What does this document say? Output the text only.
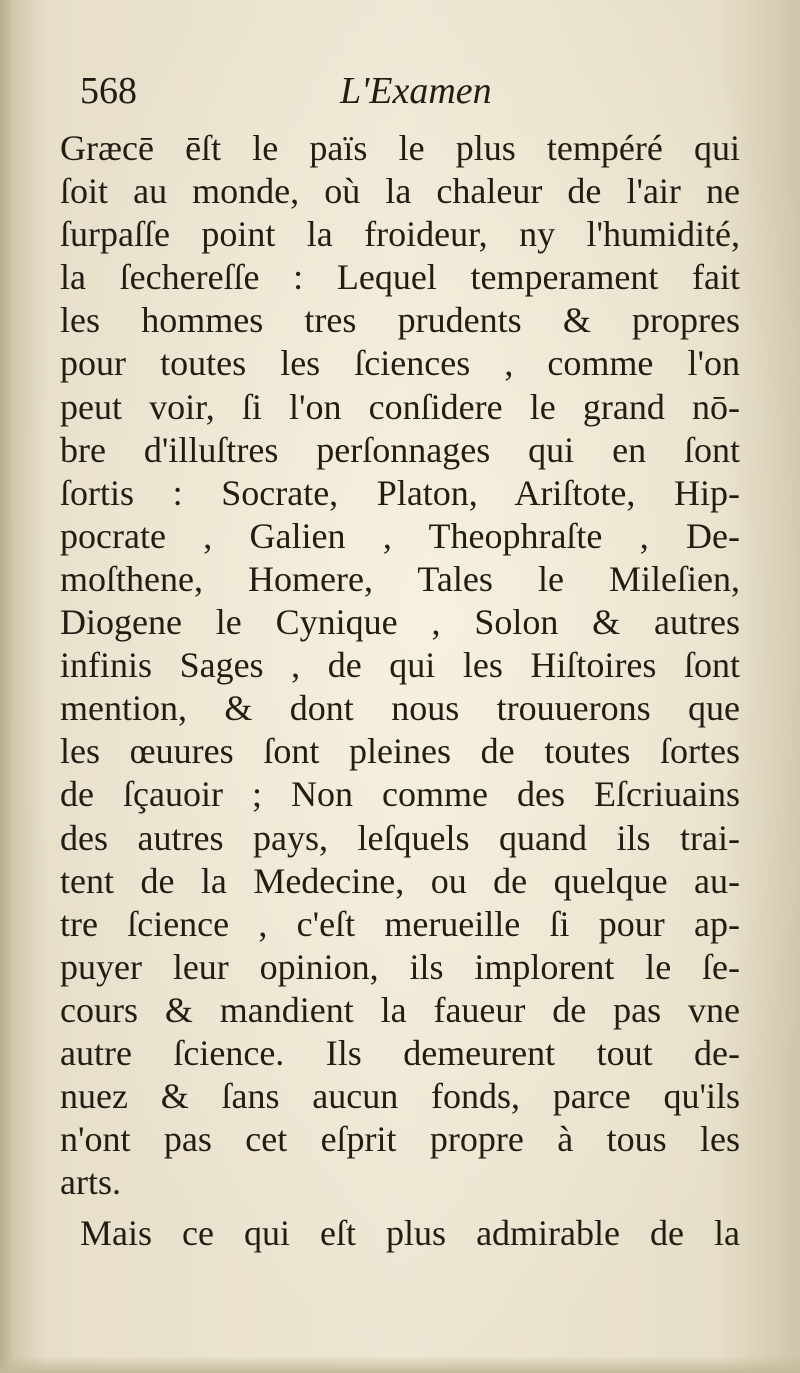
568	L'Examen
Græcē ēſt le païs le plus tempéré qui
ſoit au monde, où la chaleur de l'air ne
ſurpaſſe point la froideur, ny l'humidité,
la ſechereſſe : Lequel temperament fait
les hommes tres prudents & propres
pour toutes les ſciences , comme l'on
peut voir, ſi l'on conſidere le grand nō-
bre d'illuſtres perſonnages qui en ſont
ſortis : Socrate, Platon, Ariſtote, Hip-
pocrate , Galien , Theophraſte , De-
moſthene, Homere, Tales le Mileſien,
Diogene le Cynique , Solon & autres
infinis Sages , de qui les Hiſtoires ſont
mention, & dont nous trouuerons que
les œuures ſont pleines de toutes ſortes
de ſçauoir ; Non comme des Eſcriuains
des autres pays, leſquels quand ils trai-
tent de la Medecine, ou de quelque au-
tre ſcience , c'eſt merueille ſi pour ap-
puyer leur opinion, ils implorent le ſe-
cours & mandient la faueur de pas vne
autre ſcience. Ils demeurent tout de-
nuez & ſans aucun fonds, parce qu'ils
n'ont pas cet eſprit propre à tous les
arts.
Mais ce qui eſt plus admirable de la
